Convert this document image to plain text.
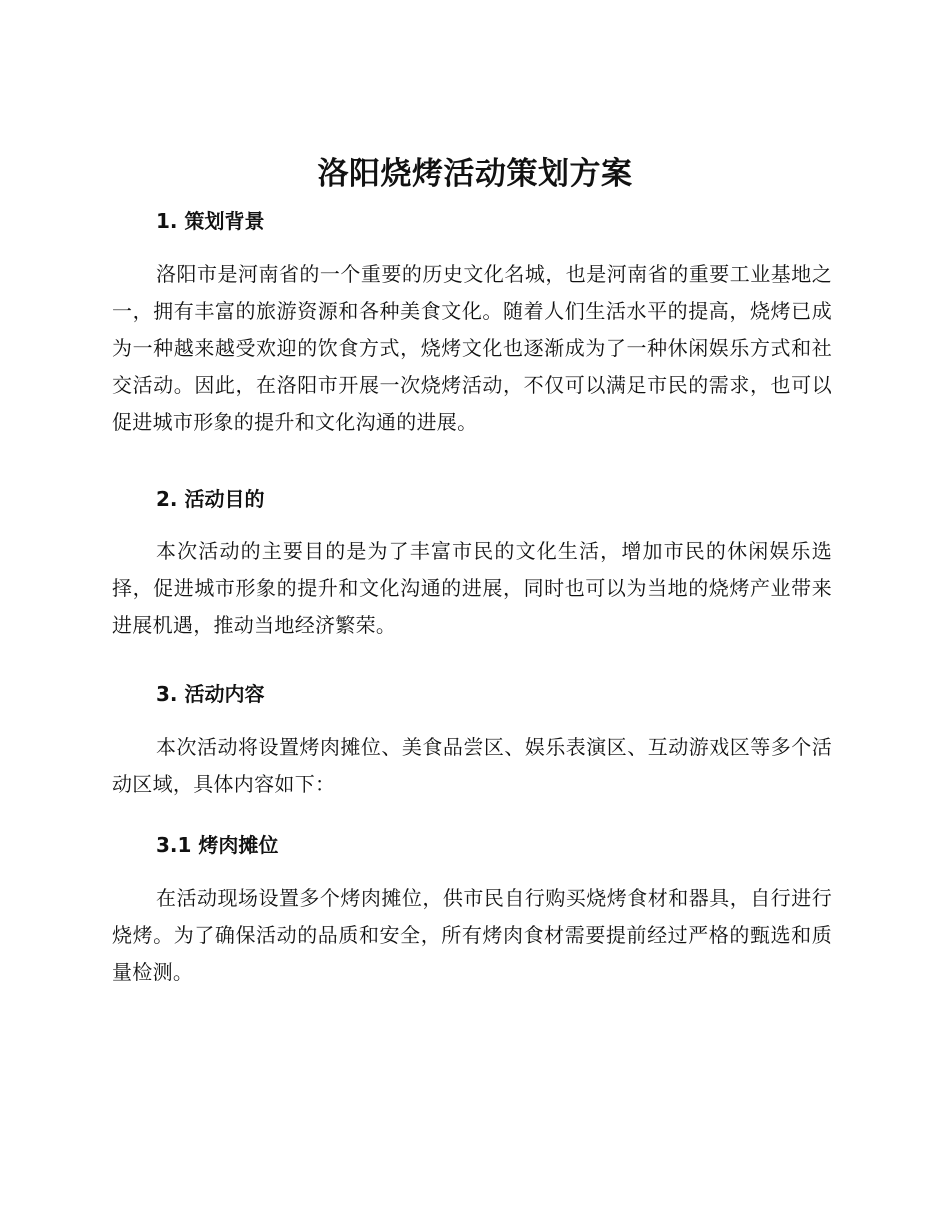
洛阳烧烤活动策划方案
1. 策划背景

洛阳市是河南省的一个重要的历史文化名城，也是河南省的重要工业基地之一，拥有丰富的旅游资源和各种美食文化。随着人们生活水平的提高，烧烤已成为一种越来越受欢迎的饮食方式，烧烤文化也逐渐成为了一种休闲娱乐方式和社交活动。因此，在洛阳市开展一次烧烤活动，不仅可以满足市民的需求，也可以促进城市形象的提升和文化沟通的进展。

2. 活动目的

本次活动的主要目的是为了丰富市民的文化生活，增加市民的休闲娱乐选择，促进城市形象的提升和文化沟通的进展，同时也可以为当地的烧烤产业带来进展机遇，推动当地经济繁荣。

3. 活动内容

本次活动将设置烤肉摊位、美食品尝区、娱乐表演区、互动游戏区等多个活动区域，具体内容如下：

3.1 烤肉摊位

在活动现场设置多个烤肉摊位，供市民自行购买烧烤食材和器具，自行进行烧烤。为了确保活动的品质和安全，所有烤肉食材需要提前经过严格的甄选和质量检测。
